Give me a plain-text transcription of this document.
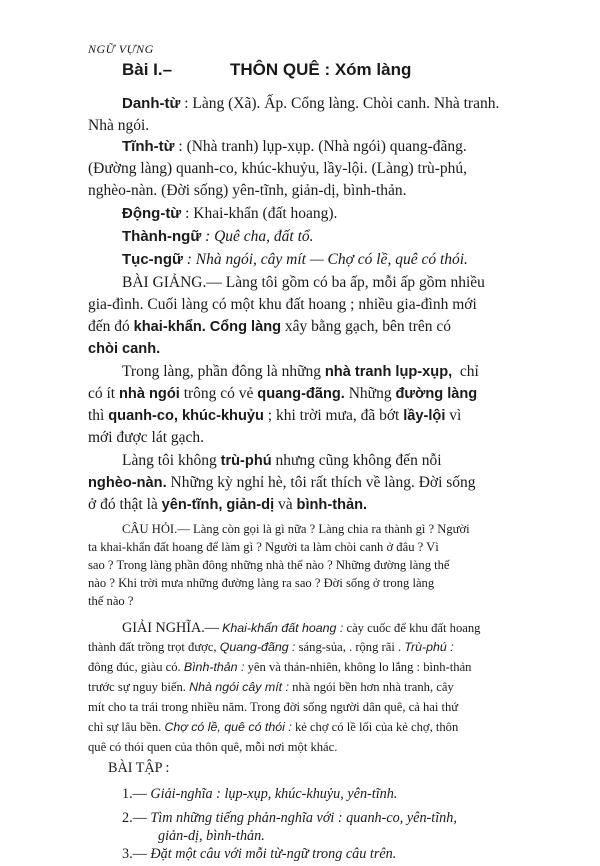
NGỮ VỰNG

Bài I.–	THÔN QUÊ : Xóm làng

Danh-từ : Làng (Xã). Ấp. Cổng làng. Chòi canh. Nhà tranh.

Nhà ngói.

Tĩnh-từ : (Nhà tranh) lụp-xụp. (Nhà ngói) quang-đãng.

(Đường làng) quanh-co, khúc-khuỷu, lầy-lội. (Làng) trù-phú,

nghèo-nàn. (Đời sống) yên-tĩnh, giản-dị, bình-thản.

Động-từ : Khai-khẩn (đất hoang).

Thành-ngữ : Quê cha, đất tổ.

Tục-ngữ : Nhà ngói, cây mít — Chợ có lề, quê có thói.

BÀI GIẢNG.— Làng tôi gồm có ba ấp, mỗi ấp gồm nhiều

gia-đình. Cuối làng có một khu đất hoang ; nhiều gia-đình mới

đến đó khai-khẩn. Cổng làng xây bằng gạch, bên trên có

chòi canh.

Trong làng, phần đông là những nhà tranh lụp-xụp, chỉ

có ít nhà ngói trông có vẻ quang-đãng. Những đường làng

thì quanh-co, khúc-khuỷu ; khi trời mưa, đã bớt lầy-lội vì

mới được lát gạch.

Làng tôi không trù-phú nhưng cũng không đến nỗi

nghèo-nàn. Những kỳ nghỉ hè, tôi rất thích về làng. Đời sống

ở đó thật là yên-tĩnh, giản-dị và bình-thản.

CÂU HỎI.— Làng còn gọi là gì nữa ? Làng chia ra thành gì ? Người

ta khai-khẩn đất hoang để làm gì ? Người ta làm chòi canh ở đâu ? Vì

sao ? Trong làng phần đông những nhà thế nào ? Những đường làng thế

nào ? Khi trời mưa những đường làng ra sao ? Đời sống ở trong làng

thế nào ?

GIẢI NGHĨA.— Khai-khẩn đất hoang : cày cuốc để khu đất hoang

thành đất trồng trọt được, Quang-đãng : sáng-sủa, . rộng rãi . Trù-phú :

đông đúc, giàu có. Bình-thản : yên và thản-nhiên, không lo lắng : bình-thản

trước sự nguy biến. Nhà ngói cây mít : nhà ngói bền hơn nhà tranh, cây

mít cho ta trái trong nhiều năm. Trong đời sống người dân quê, cả hai thứ

chỉ sự lâu bền. Chợ có lề, quê có thói : kẻ chợ có lề lối của kẻ chợ, thôn

quê có thói quen của thôn quê, mỗi nơi một khác.

BÀI TẬP :

1.— Giải-nghĩa : lụp-xụp, khúc-khuỷu, yên-tĩnh.

2.— Tìm những tiếng phản-nghĩa với : quanh-co, yên-tĩnh,

giản-dị, bình-thản.

3.— Đặt một câu với mỗi từ-ngữ trong câu trên.
